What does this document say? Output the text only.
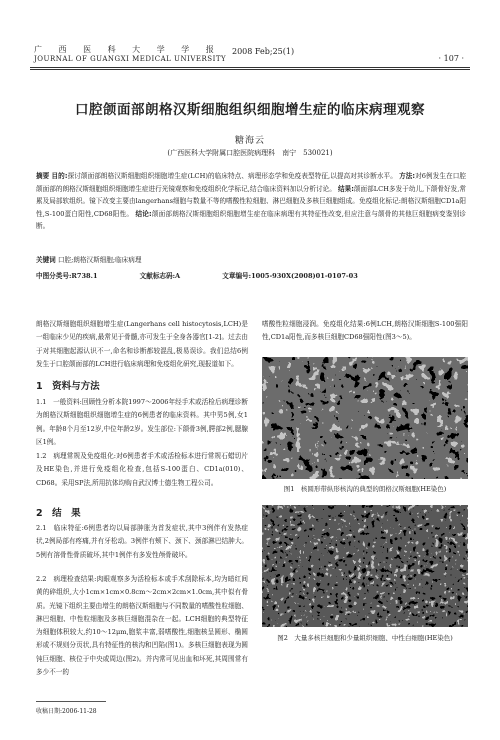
广 西 医 科 大 学 学 报
JOURNAL OF GUANGXI MEDICAL UNIVERSITY
2008 Feb;25(1)
· 107 ·
口腔颌面部朗格汉斯细胞组织细胞增生症的临床病理观察
糖海云
(广西医科大学附属口腔医院病理科　南宁　530021)
摘要 目的:探讨颌面部朗格汉斯细胞组织细胞增生症(LCH)的临床特点、病理形态学和免疫表型特征,以提高对其诊断水平。 方法:对6例发生在口腔颌面部的朗格汉斯细胞组织细胞增生症进行光镜观察和免疫组织化学标记,结合临床资料加以分析讨论。 结果:颌面部LCH多发于幼儿,下颌骨好发,常累及局部软组织。镜下改变主要由langerhans细胞与数量不等的嗜酸性粒细胞、淋巴细胞及多核巨细胞组成。免疫组化标记:朗格汉斯细胞CD1a阳性,S-100蛋白阳性,CD68阳性。 结论:颌面部朗格汉斯细胞组织细胞增生症在临床病理有其特征性改变,但应注意与颌骨的其他巨细胞病变鉴别诊断。
关键词 口腔;朗格汉斯细胞;临床病理
中图分类号:R738.1	文献标志码:A	文章编号:1005-930X(2008)01-0107-03
朗格汉斯细胞组织细胞增生症(Langerhans cell histocytosis,LCH)是一组临床少见的疾病,最常见于骨髓,亦可发生于全身各器官[1-2]。过去由于对其细胞起源认识不一,命名和诊断都较混乱,极易误诊。我们总结6例发生于口腔颌面部的LCH进行临床病理和免疫组化研究,现报道如下。
1　资料与方法
1.1　一般资料:回顾性分析本院1997～2006年经手术或活检后病理诊断为朗格汉斯细胞组织细胞增生症的6例患者的临床资料。其中男5例,女1例。年龄8个月至12岁,中位年龄2岁。发生部位:下颌骨3例,腭部2例,腮腺区1例。
1.2　病理常规及免疫组化:对6例患者手术或活检标本进行常规石蜡切片及HE染色,并进行免疫组化检查,包括S-100蛋白、CD1a(010)、CD68。采用SP法,所用抗体均购自武汉博士德生物工程公司。
2　结　果
2.1　临床特征:6例患者均以局部肿胀为首发症状,其中3例伴有发热症状,2例局部有疼痛,并有牙松动。3例伴有颊下、颈下、颈部淋巴结肿大。5例有溶骨性骨质破坏,其中1例伴有多发性颅骨破坏。
2.2　病理检查结果:肉眼观察多为活检标本或手术刮除标本,均为暗红间黄的碎组织,大小1cm×1cm×0.8cm～2cm×2cm×1.0cm,其中似有骨质。光镜下组织主要由增生的朗格汉斯细胞与不同数量的嗜酸性粒细胞、淋巴细胞、中性粒细胞及多核巨细胞混杂在一起。LCH细胞的典型特征为细胞体积较大,约10～12μm,胞浆丰富,弱嗜酸性,细胞核呈圆形、椭圆形或不规则分页状,具有特征性的核沟和凹陷(图1)。多核巨细胞表现为圆钝巨细胞、核位于中央或周边(图2)。并内常可见出血和坏死,其周围常有多少不一的
嗜酸性粒细胞浸润。免疫组化结果:6例LCH,朗格汉斯细胞S-100强阳性,CD1a阳性,而多核巨细胞CD68强阳性(图3～5)。
图1　核圆形带纵形核沟的典型的朗格汉斯细胞(HE染色)
图2　大量多核巨细胞和少量組织细胞、中性白细胞(HE染色)
收稿日期:2006-11-28
